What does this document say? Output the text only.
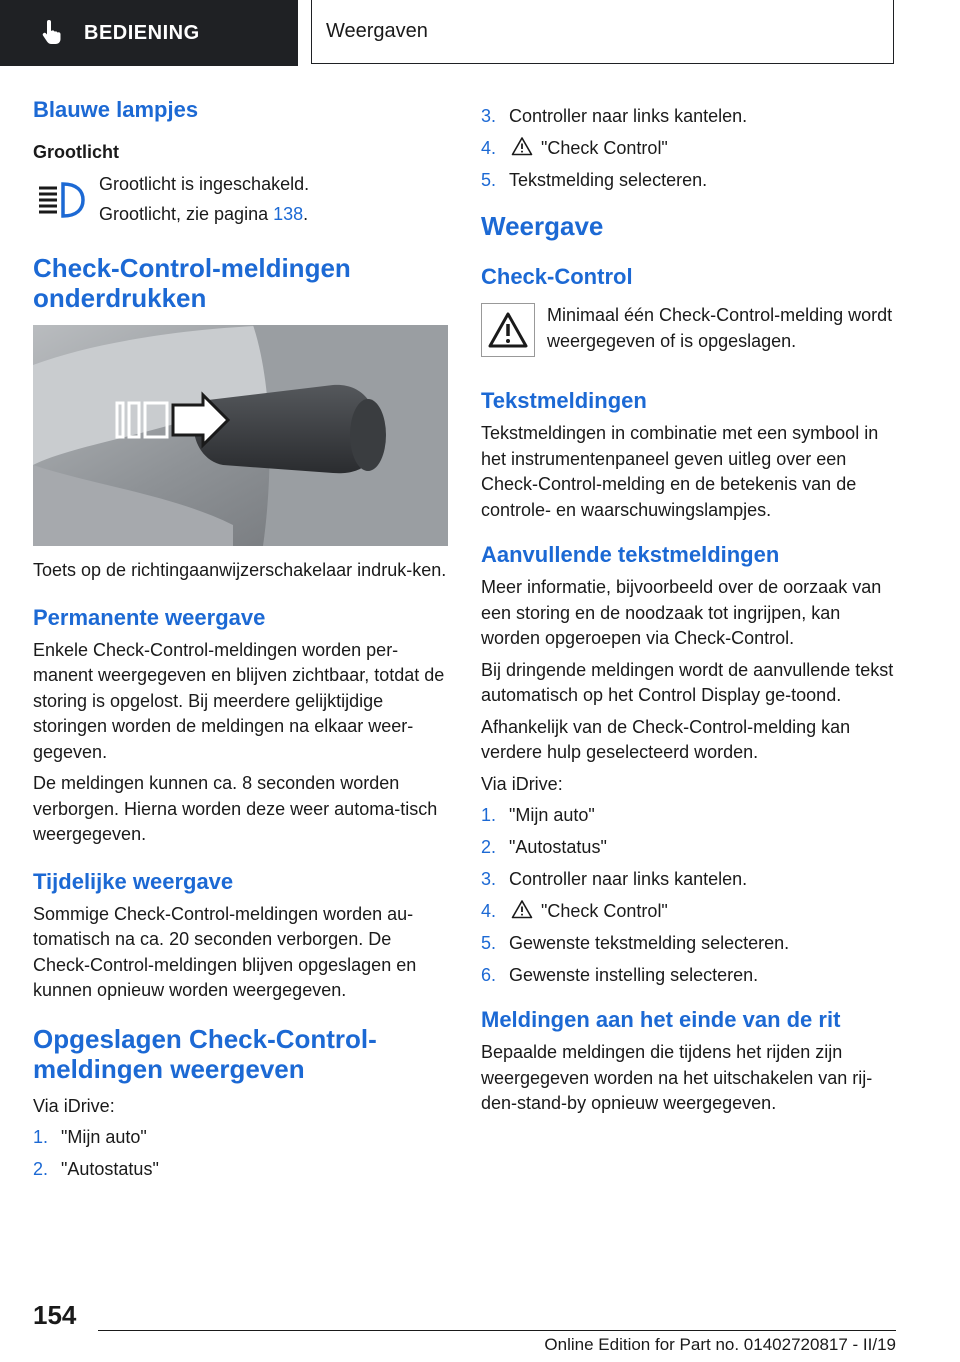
BEDIENING	Weergaven
Blauwe lampjes
Grootlicht

Grootlicht is ingeschakeld.

Grootlicht, zie pagina 138.

Check-Control-meldingen
onderdrukken

Toets op de richtingaanwijzerschakelaar indruk-ken.

Permanente weergave

Enkele Check-Control-meldingen worden per-manent weergegeven en blijven zichtbaar, totdat de storing is opgelost. Bij meerdere gelijktijdige storingen worden de meldingen na elkaar weer-gegeven.

De meldingen kunnen ca. 8 seconden worden verborgen. Hierna worden deze weer automa-tisch weergegeven.

Tijdelijke weergave

Sommige Check-Control-meldingen worden au-tomatisch na ca. 20 seconden verborgen. De Check-Control-meldingen blijven opgeslagen en kunnen opnieuw worden weergegeven.

Opgeslagen Check-Control-
meldingen weergeven

Via iDrive:

1. "Mijn auto"
2. "Autostatus"
3. Controller naar links kantelen.
4.	"Check Control"
5. Tekstmelding selecteren.
Weergave
Check-Control

Minimaal één Check-Control-melding wordt weergegeven of is opgeslagen.

Tekstmeldingen

Tekstmeldingen in combinatie met een symbool in het instrumentenpaneel geven uitleg over een Check-Control-melding en de betekenis van de controle- en waarschuwingslampjes.

Aanvullende tekstmeldingen

Meer informatie, bijvoorbeeld over de oorzaak van een storing en de noodzaak tot ingrijpen, kan worden opgeroepen via Check-Control.

Bij dringende meldingen wordt de aanvullende tekst automatisch op het Control Display ge-toond.

Afhankelijk van de Check-Control-melding kan verdere hulp geselecteerd worden.

Via iDrive:

1. "Mijn auto"
2. "Autostatus"
3. Controller naar links kantelen.
4.	"Check Control"
5. Gewenste tekstmelding selecteren.
6. Gewenste instelling selecteren.
Meldingen aan het einde van de rit

Bepaalde meldingen die tijdens het rijden zijn weergegeven worden na het uitschakelen van rij-den-stand-by opnieuw weergegeven.

154
Online Edition for Part no. 01402720817 - II/19
